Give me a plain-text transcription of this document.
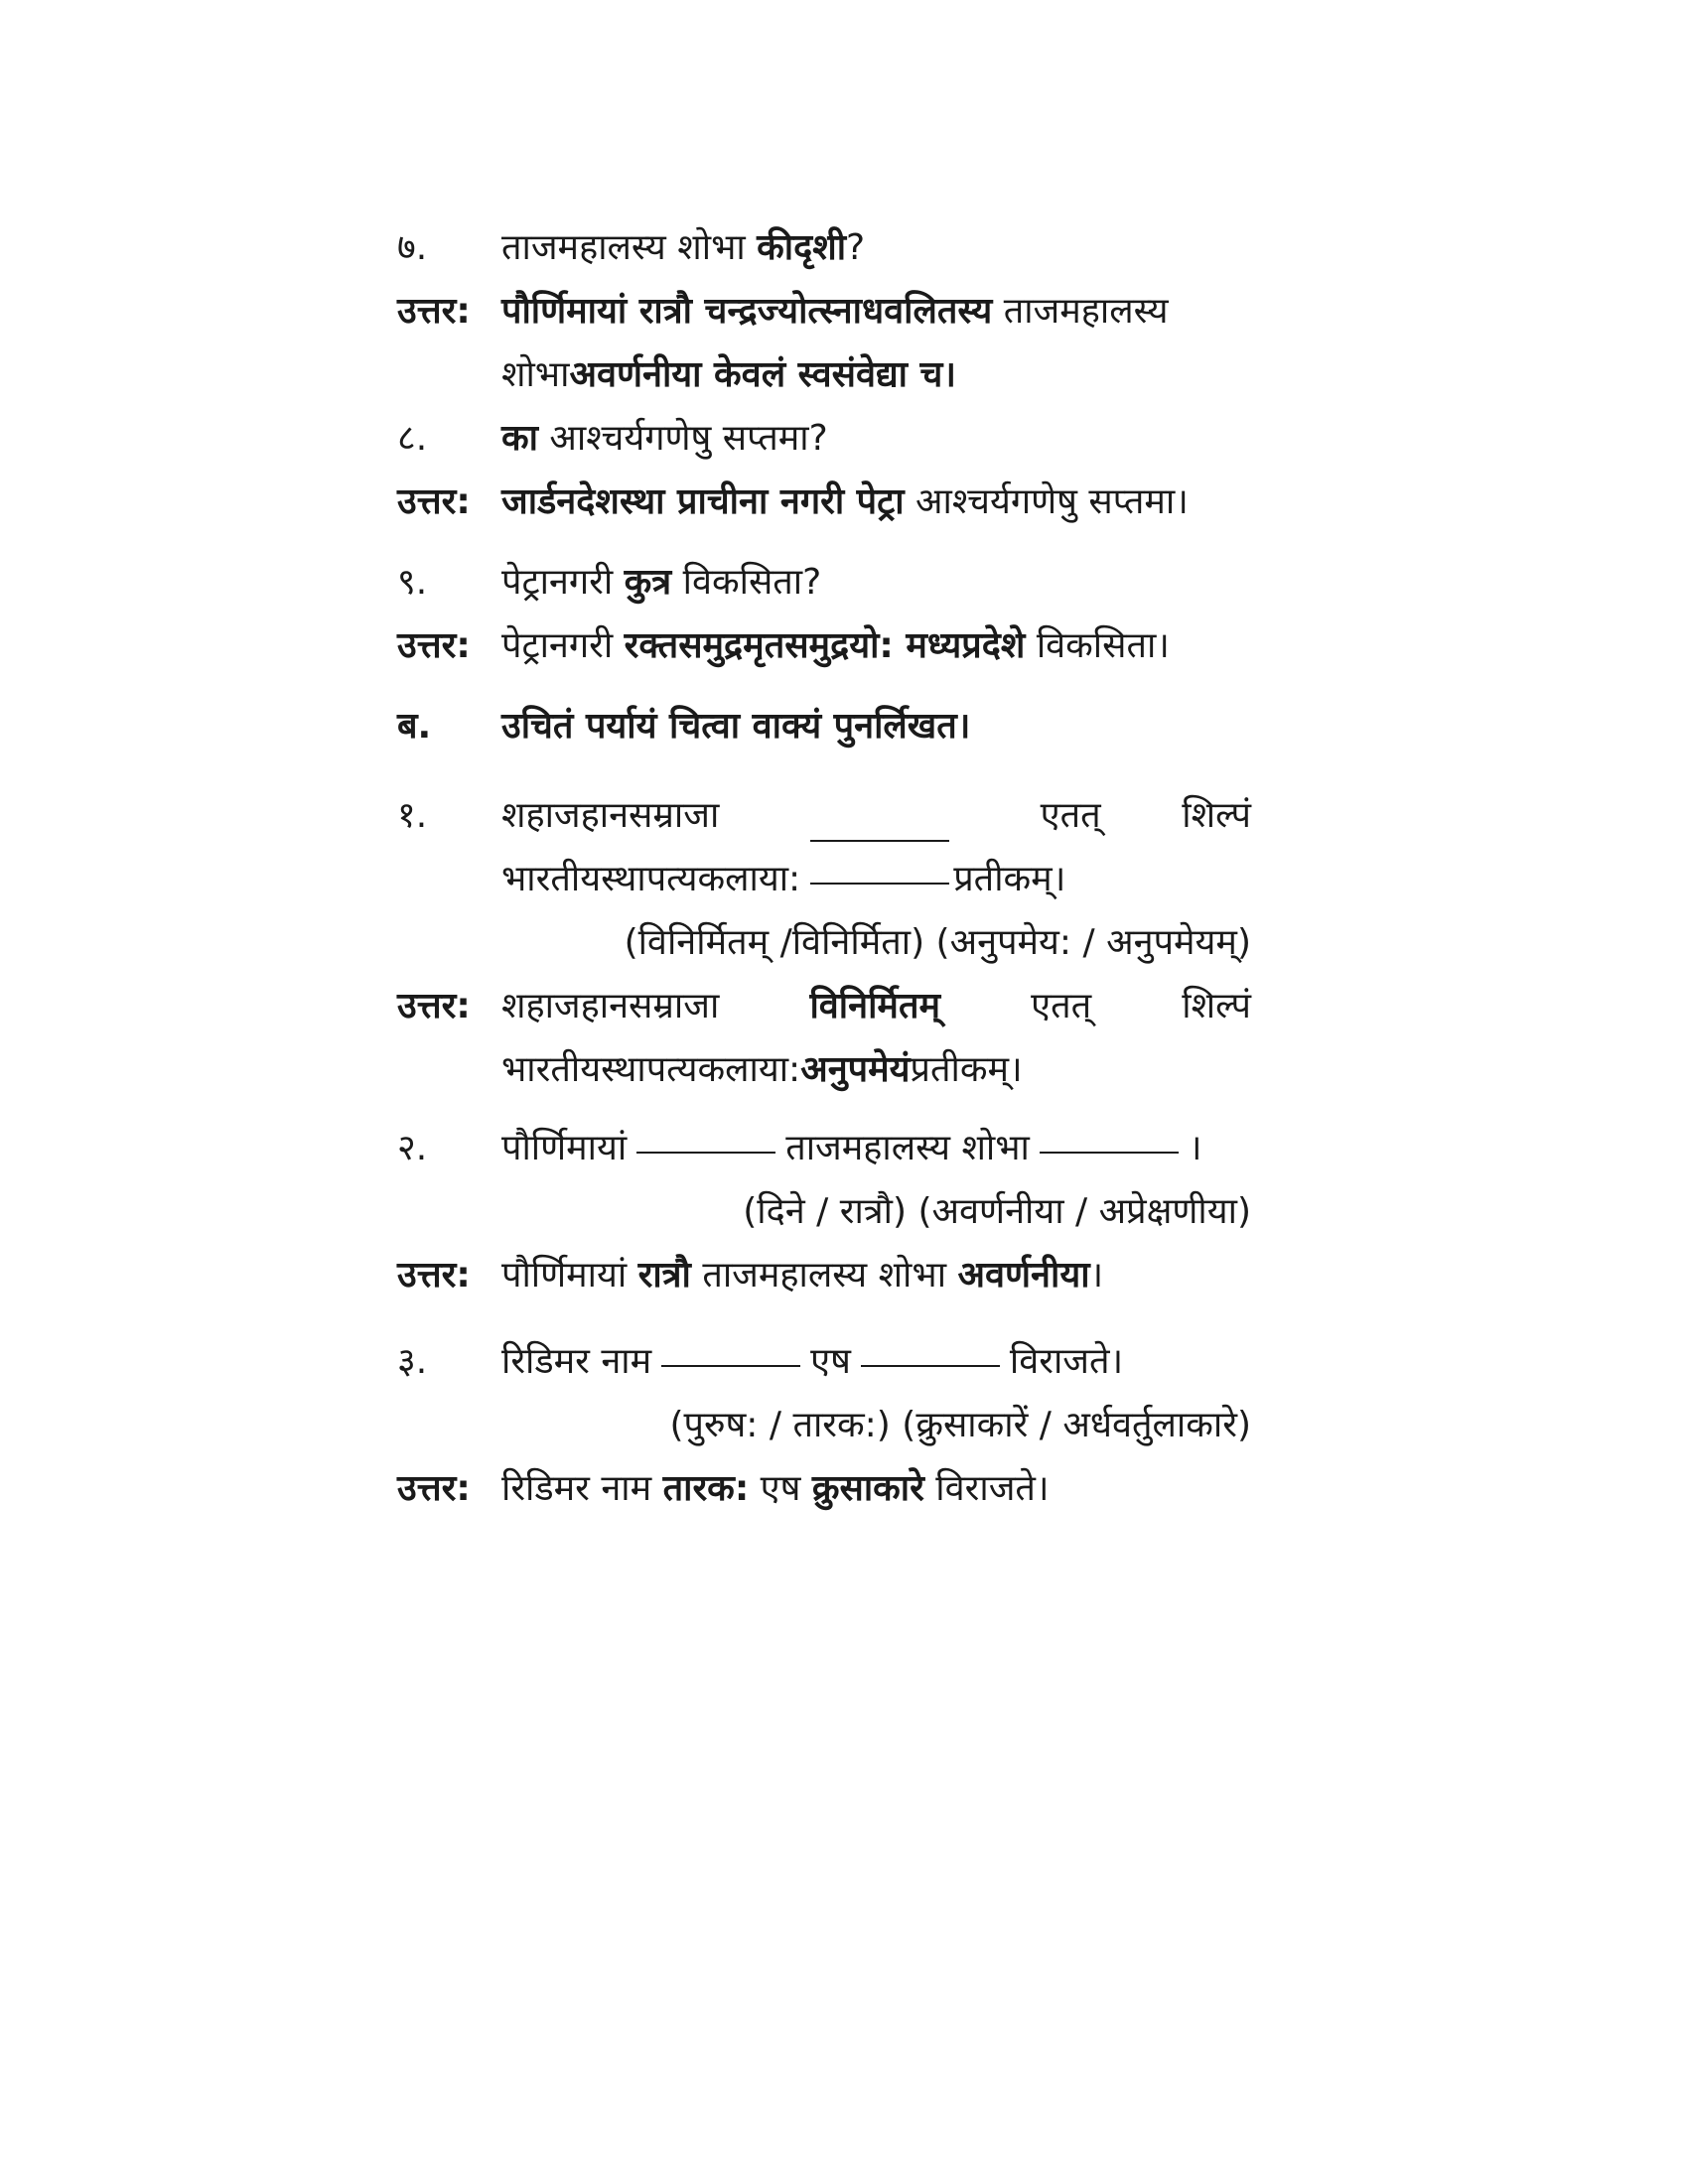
७.	ताजमहालस्य शोभा कीदृशी?
उत्तर: पौर्णिमायां रात्रौ चन्द्रज्योत्स्नाधवलितस्य ताजमहालस्य
शोभा अवर्णनीया केवलं स्वसंवेद्या च।
८.	का आश्चर्यगणेषु सप्तमा?
उत्तर: जार्डनदेशस्था प्राचीना नगरी पेट्रा आश्चर्यगणेषु सप्तमा।
९.	पेट्रानगरी कुत्र विकसिता?
उत्तर: पेट्रानगरी रक्तसमुद्रमृतसमुद्रयो: मध्यप्रदेशे विकसिता।
ब.	उचितं पर्यायं चित्वा वाक्यं पुनर्लिखत।
१.	शहाजहानसम्राजा	एतत् शिल्पं
भारतीयस्थापत्यकलाया:	प्रतीकम्।
(विनिर्मितम् /विनिर्मिता) (अनुपमेय: / अनुपमेयम्)
उत्तर: शहाजहानसम्राजा	विनिर्मितम्	एतत्	शिल्पं
भारतीयस्थापत्यकलाया: अनुपमेयं प्रतीकम्।
२.	पौर्णिमायां	ताजमहालस्य शोभा	।
(दिने / रात्रौ) (अवर्णनीया / अप्रेक्षणीया)
उत्तर: पौर्णिमायां रात्रौ ताजमहालस्य शोभा अवर्णनीया।
३.	रिडिमर नाम	एष	विराजते।
(पुरुष: / तारक:) (क्रुसाकारें / अर्धवर्तुलाकारे)
उत्तर: रिडिमर नाम तारक: एष क्रुसाकारे विराजते।
